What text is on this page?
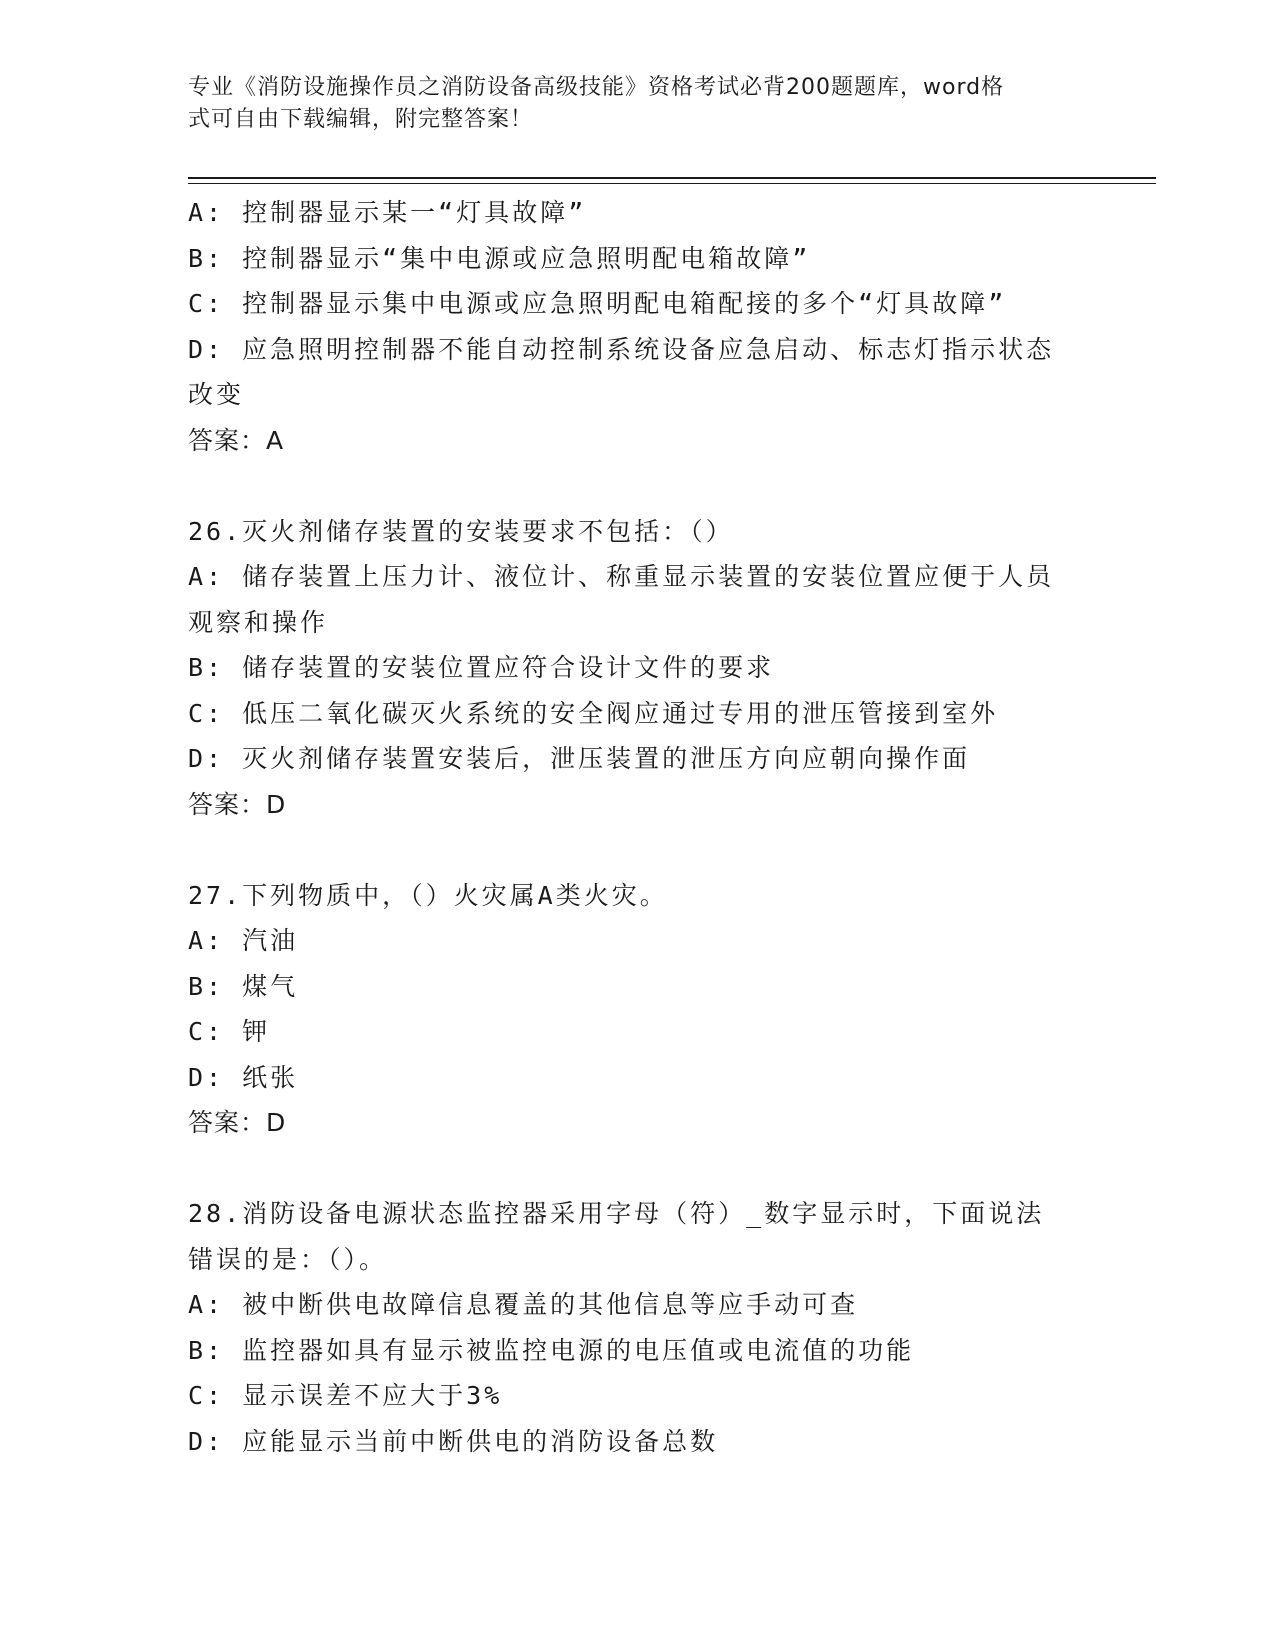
专业《消防设施操作员之消防设备高级技能》资格考试必背200题题库，word格
式可自由下载编辑，附完整答案！
A: 控制器显示某一“灯具故障”
B: 控制器显示“集中电源或应急照明配电箱故障”
C: 控制器显示集中电源或应急照明配电箱配接的多个“灯具故障”
D: 应急照明控制器不能自动控制系统设备应急启动、标志灯指示状态
改变
答案：A
26.灭火剂储存装置的安装要求不包括：（）
A: 储存装置上压力计、液位计、称重显示装置的安装位置应便于人员
观察和操作
B: 储存装置的安装位置应符合设计文件的要求
C: 低压二氧化碳灭火系统的安全阀应通过专用的泄压管接到室外
D: 灭火剂储存装置安装后，泄压装置的泄压方向应朝向操作面
答案：D
27.下列物质中，（）火灾属A类火灾。
A: 汽油
B: 煤气
C: 钾
D: 纸张
答案：D
28.消防设备电源状态监控器采用字母（符）_数字显示时，下面说法
错误的是：（）。
A: 被中断供电故障信息覆盖的其他信息等应手动可查
B: 监控器如具有显示被监控电源的电压值或电流值的功能
C: 显示误差不应大于3%
D: 应能显示当前中断供电的消防设备总数
